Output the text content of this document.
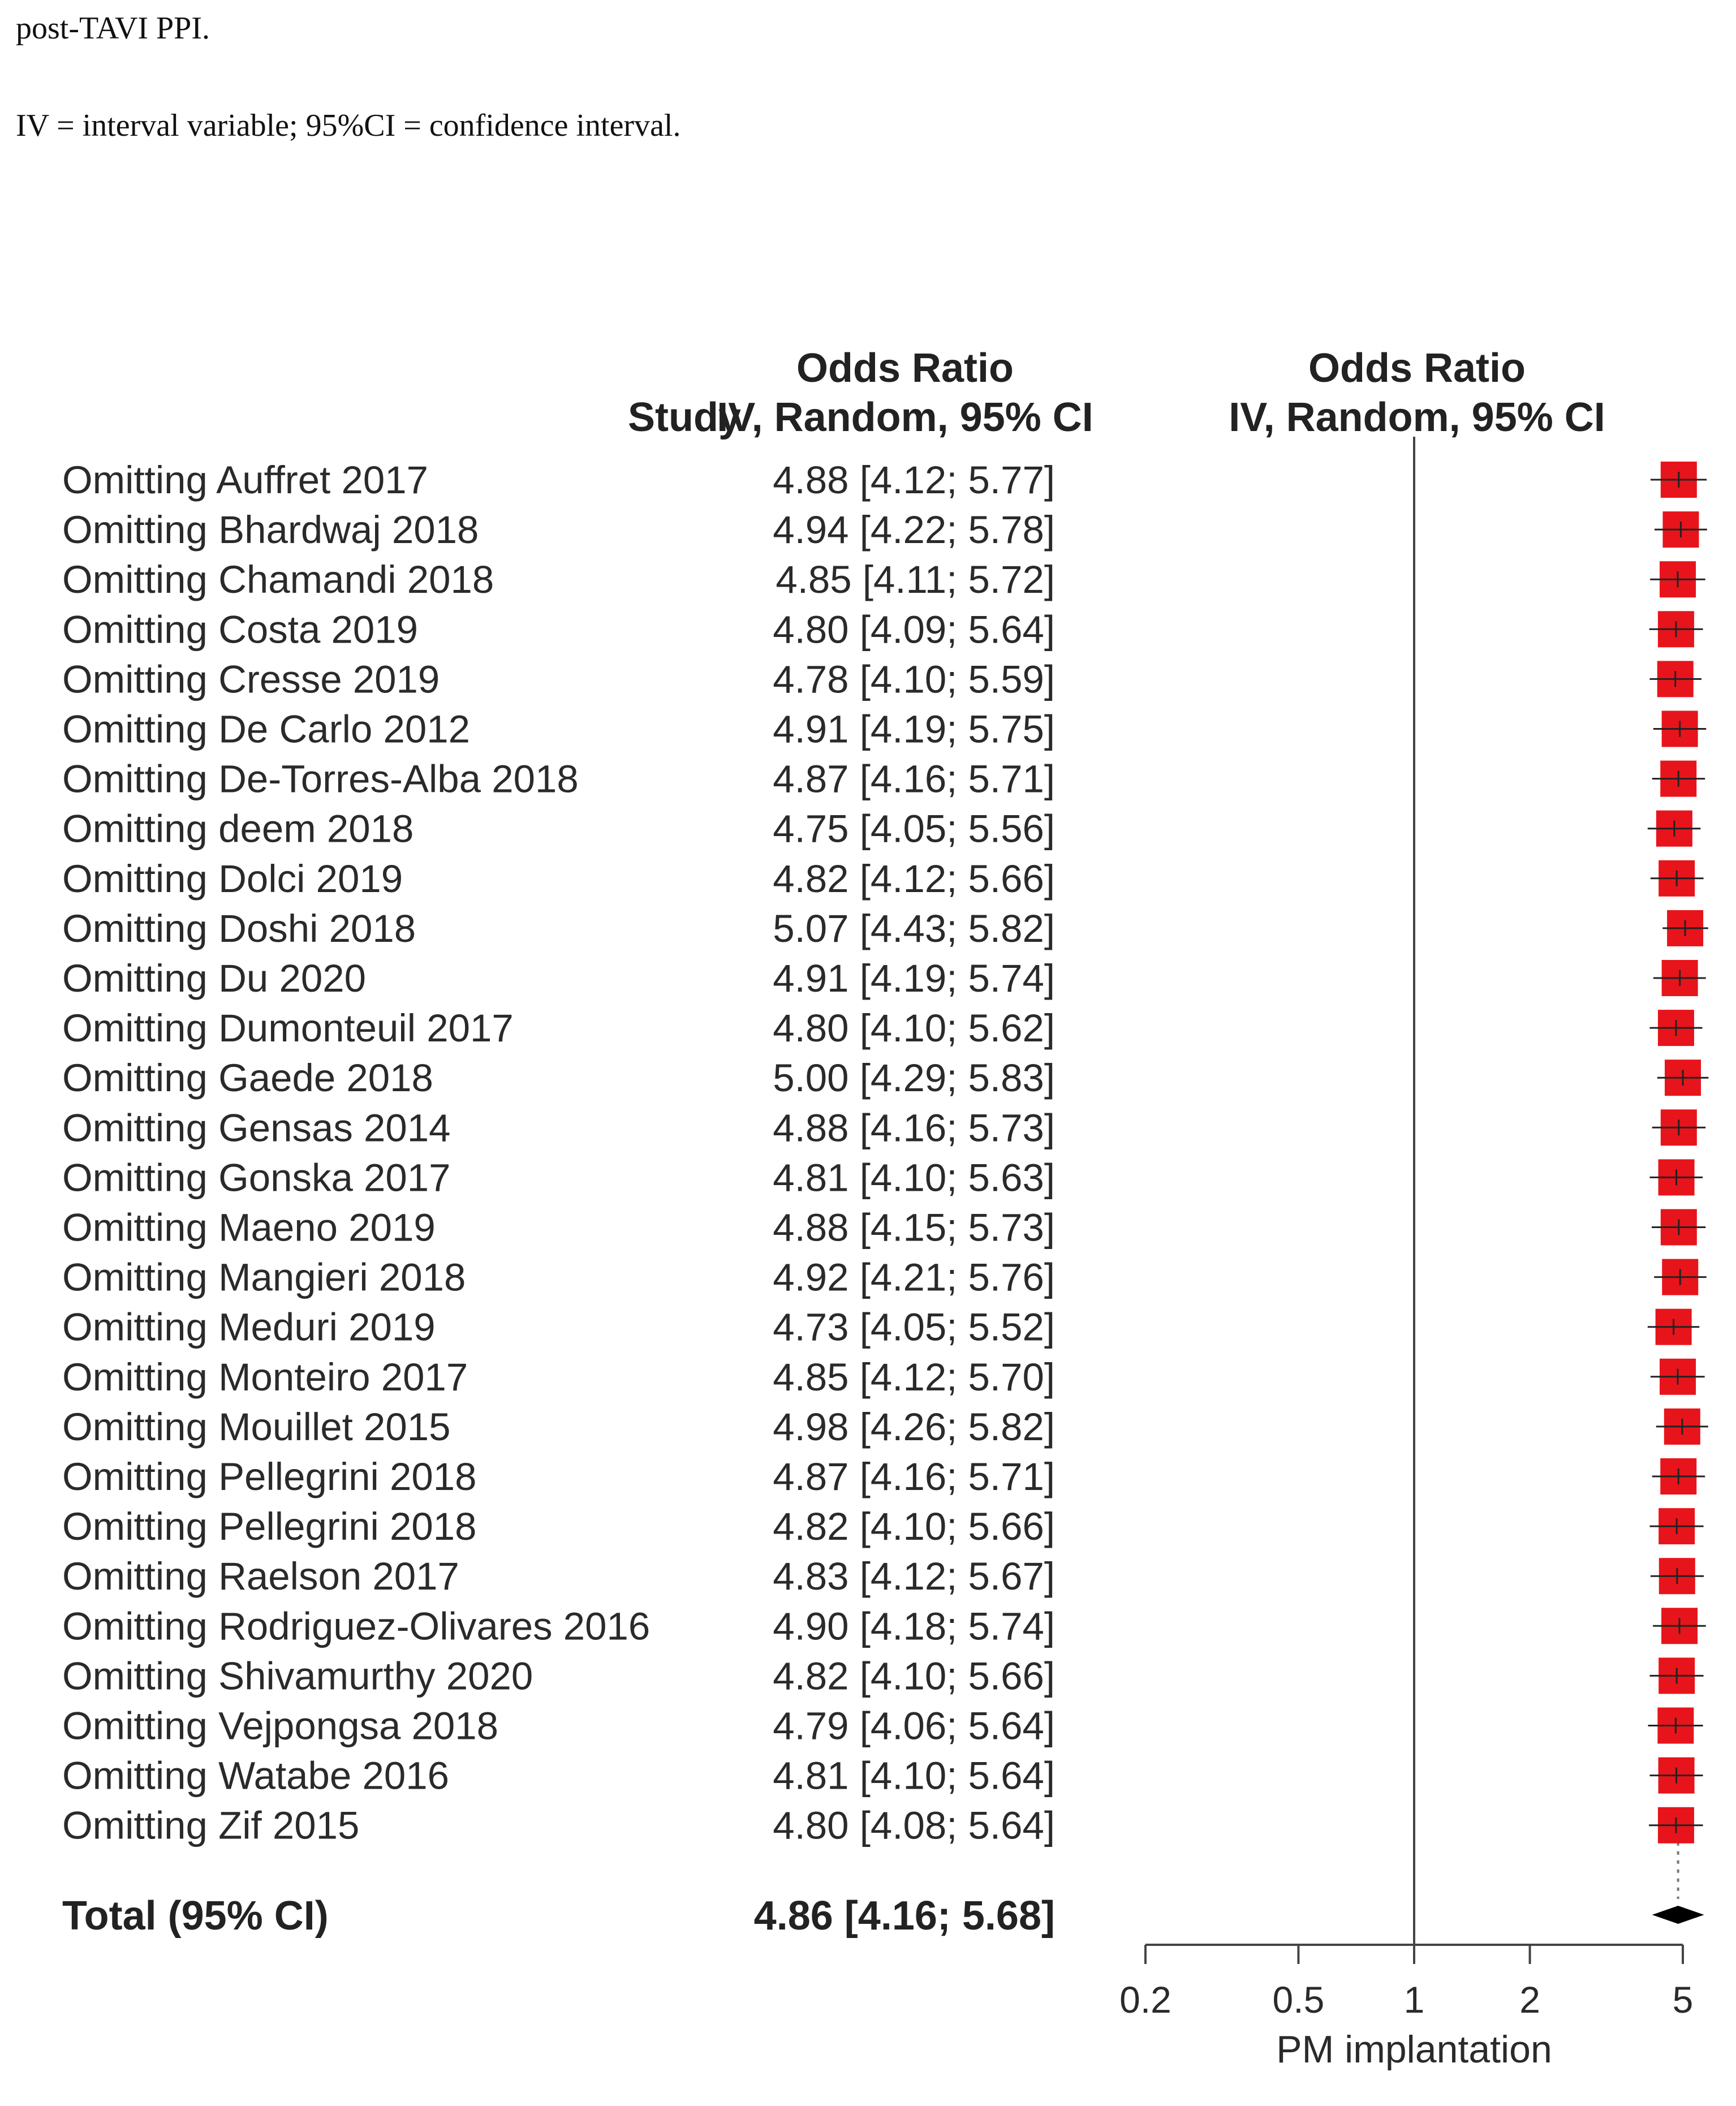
post-TAVI PPI.
IV = interval variable; 95%CI = confidence interval.
Odds Ratio
Study
IV, Random, 95% CI
Odds Ratio
IV, Random, 95% CI
Omitting Auffret 2017	4.88 [4.12; 5.77]
Omitting Bhardwaj 2018	4.94 [4.22; 5.78]
Omitting Chamandi 2018	4.85 [4.11; 5.72]
Omitting Costa 2019	4.80 [4.09; 5.64]
Omitting Cresse 2019	4.78 [4.10; 5.59]
Omitting De Carlo 2012	4.91 [4.19; 5.75]
Omitting De-Torres-Alba 2018	4.87 [4.16; 5.71]
Omitting deem 2018	4.75 [4.05; 5.56]
Omitting Dolci 2019	4.82 [4.12; 5.66]
Omitting Doshi 2018	5.07 [4.43; 5.82]
Omitting Du 2020	4.91 [4.19; 5.74]
Omitting Dumonteuil 2017	4.80 [4.10; 5.62]
Omitting Gaede 2018	5.00 [4.29; 5.83]
Omitting Gensas 2014	4.88 [4.16; 5.73]
Omitting Gonska 2017	4.81 [4.10; 5.63]
Omitting Maeno 2019	4.88 [4.15; 5.73]
Omitting Mangieri 2018	4.92 [4.21; 5.76]
Omitting Meduri 2019	4.73 [4.05; 5.52]
Omitting Monteiro 2017	4.85 [4.12; 5.70]
Omitting Mouillet 2015	4.98 [4.26; 5.82]
Omitting Pellegrini 2018	4.87 [4.16; 5.71]
Omitting Pellegrini 2018	4.82 [4.10; 5.66]
Omitting Raelson 2017	4.83 [4.12; 5.67]
Omitting Rodriguez-Olivares 2016	4.90 [4.18; 5.74]
Omitting Shivamurthy 2020	4.82 [4.10; 5.66]
Omitting Vejpongsa 2018	4.79 [4.06; 5.64]
Omitting Watabe 2016	4.81 [4.10; 5.64]
Omitting Zif 2015	4.80 [4.08; 5.64]
Total (95% CI)	4.86 [4.16; 5.68]
0.2	0.5 1	2	5
PM implantation
